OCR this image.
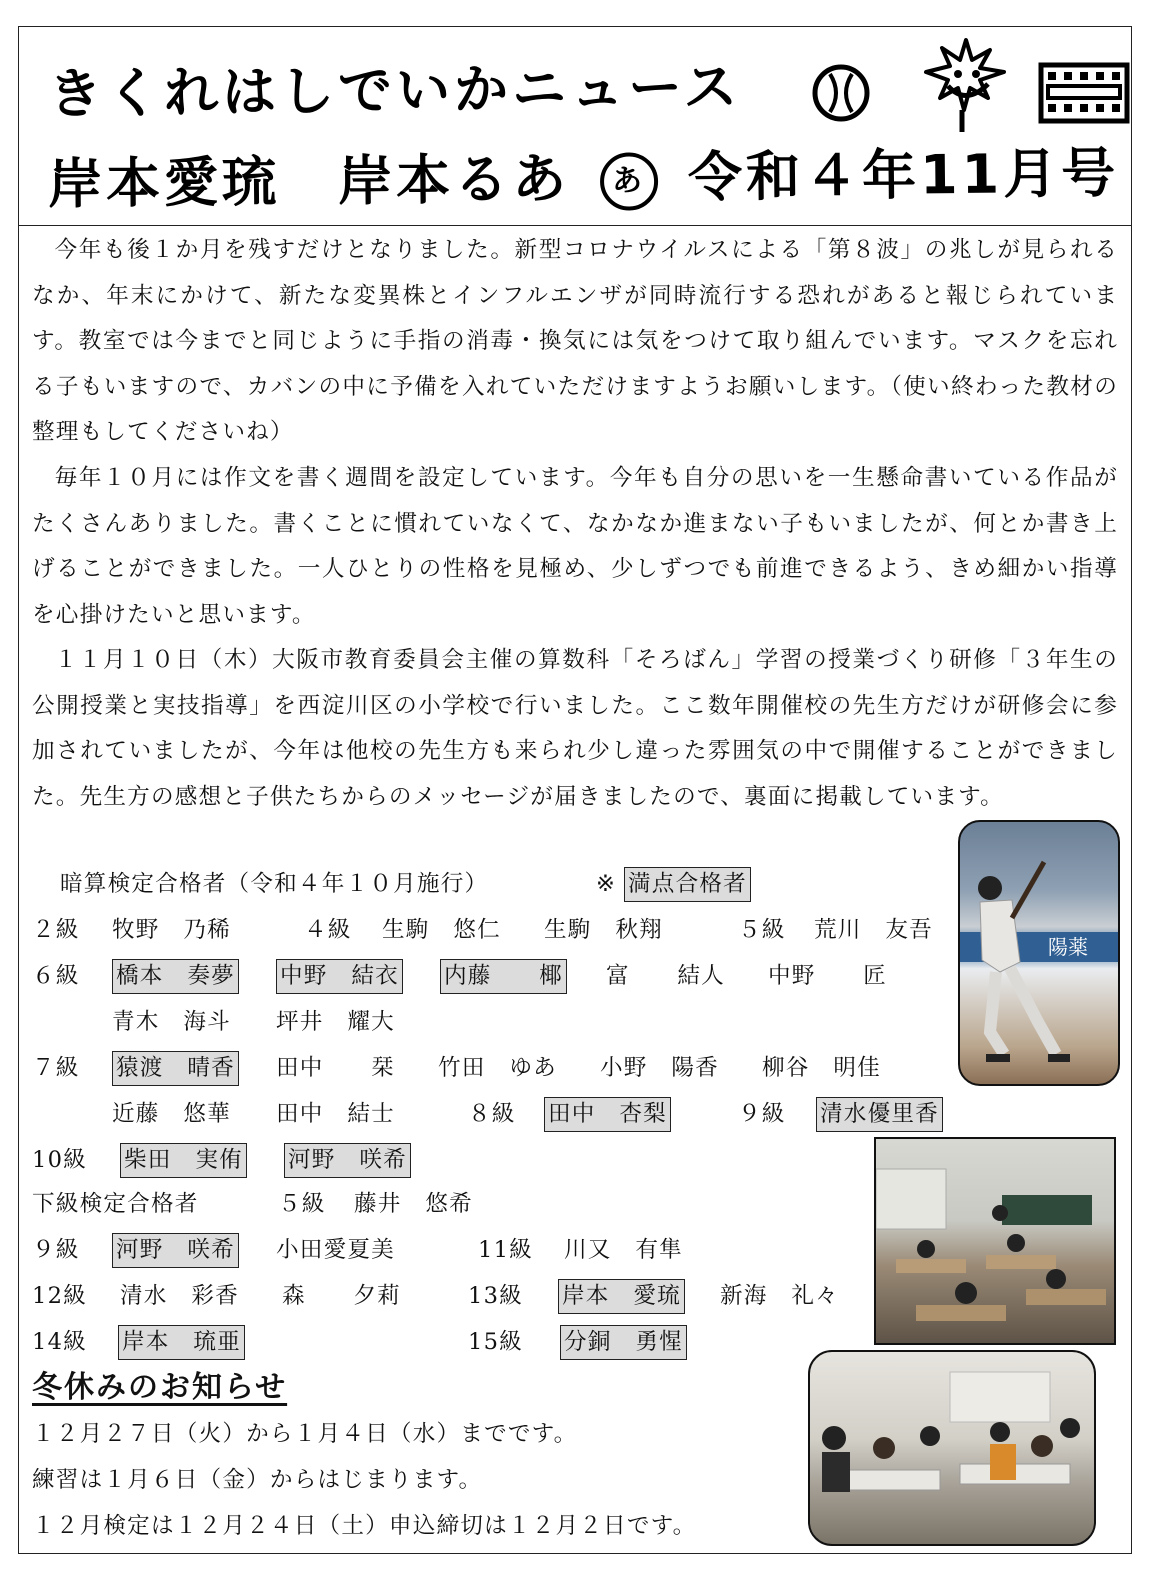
きくれはしでいかニュース
岸本愛琉　岸本るあ あ 令和４年11月号

今年も後１か月を残すだけとなりました。新型コロナウイルスによる「第８波」の兆しが見られるなか、年末にかけて、新たな変異株とインフルエンザが同時流行する恐れがあると報じられています。教室では今までと同じように手指の消毒・換気には気をつけて取り組んでいます。マスクを忘れる子もいますので、カバンの中に予備を入れていただけますようお願いします。（使い終わった教材の整理もしてくださいね）

毎年１０月には作文を書く週間を設定しています。今年も自分の思いを一生懸命書いている作品がたくさんありました。書くことに慣れていなくて、なかなか進まない子もいましたが、何とか書き上げることができました。一人ひとりの性格を見極め、少しずつでも前進できるよう、きめ細かい指導を心掛けたいと思います。

１１月１０日（木）大阪市教育委員会主催の算数科「そろばん」学習の授業づくり研修「３年生の公開授業と実技指導」を西淀川区の小学校で行いました。ここ数年開催校の先生方だけが研修会に参加されていましたが、今年は他校の先生方も来られ少し違った雰囲気の中で開催することができました。先生方の感想と子供たちからのメッセージが届きましたので、裏面に掲載しています。

暗算検定合格者（令和４年１０月施行）	※ 満点合格者
２級 牧野　乃稀	４級 生駒　悠仁 生駒　秋翔	５級 荒川　友吾
６級 橋本　奏夢 中野　結衣 内藤　　椰 富　　結人 中野　　匠
青木　海斗 坪井　耀大
７級 猿渡　晴香 田中　　栞 竹田　ゆあ 小野　陽香 柳谷　明佳
近藤　悠華 田中　結士	８級 田中　杏梨	９級 清水優里香
10級 柴田　実侑 河野　咲希
下級検定合格者	５級 藤井　悠希
９級 河野　咲希 小田愛夏美	11級 川又　有隼
12級 清水　彩香 森　　夕莉	13級 岸本　愛琉 新海　礼々
14級 岸本　琉亜	15級 分銅　勇惺
陽薬
冬休みのお知らせ
１２月２７日（火）から１月４日（水）までです。
練習は１月６日（金）からはじまります。
１２月検定は１２月２４日（土）申込締切は１２月２日です。
